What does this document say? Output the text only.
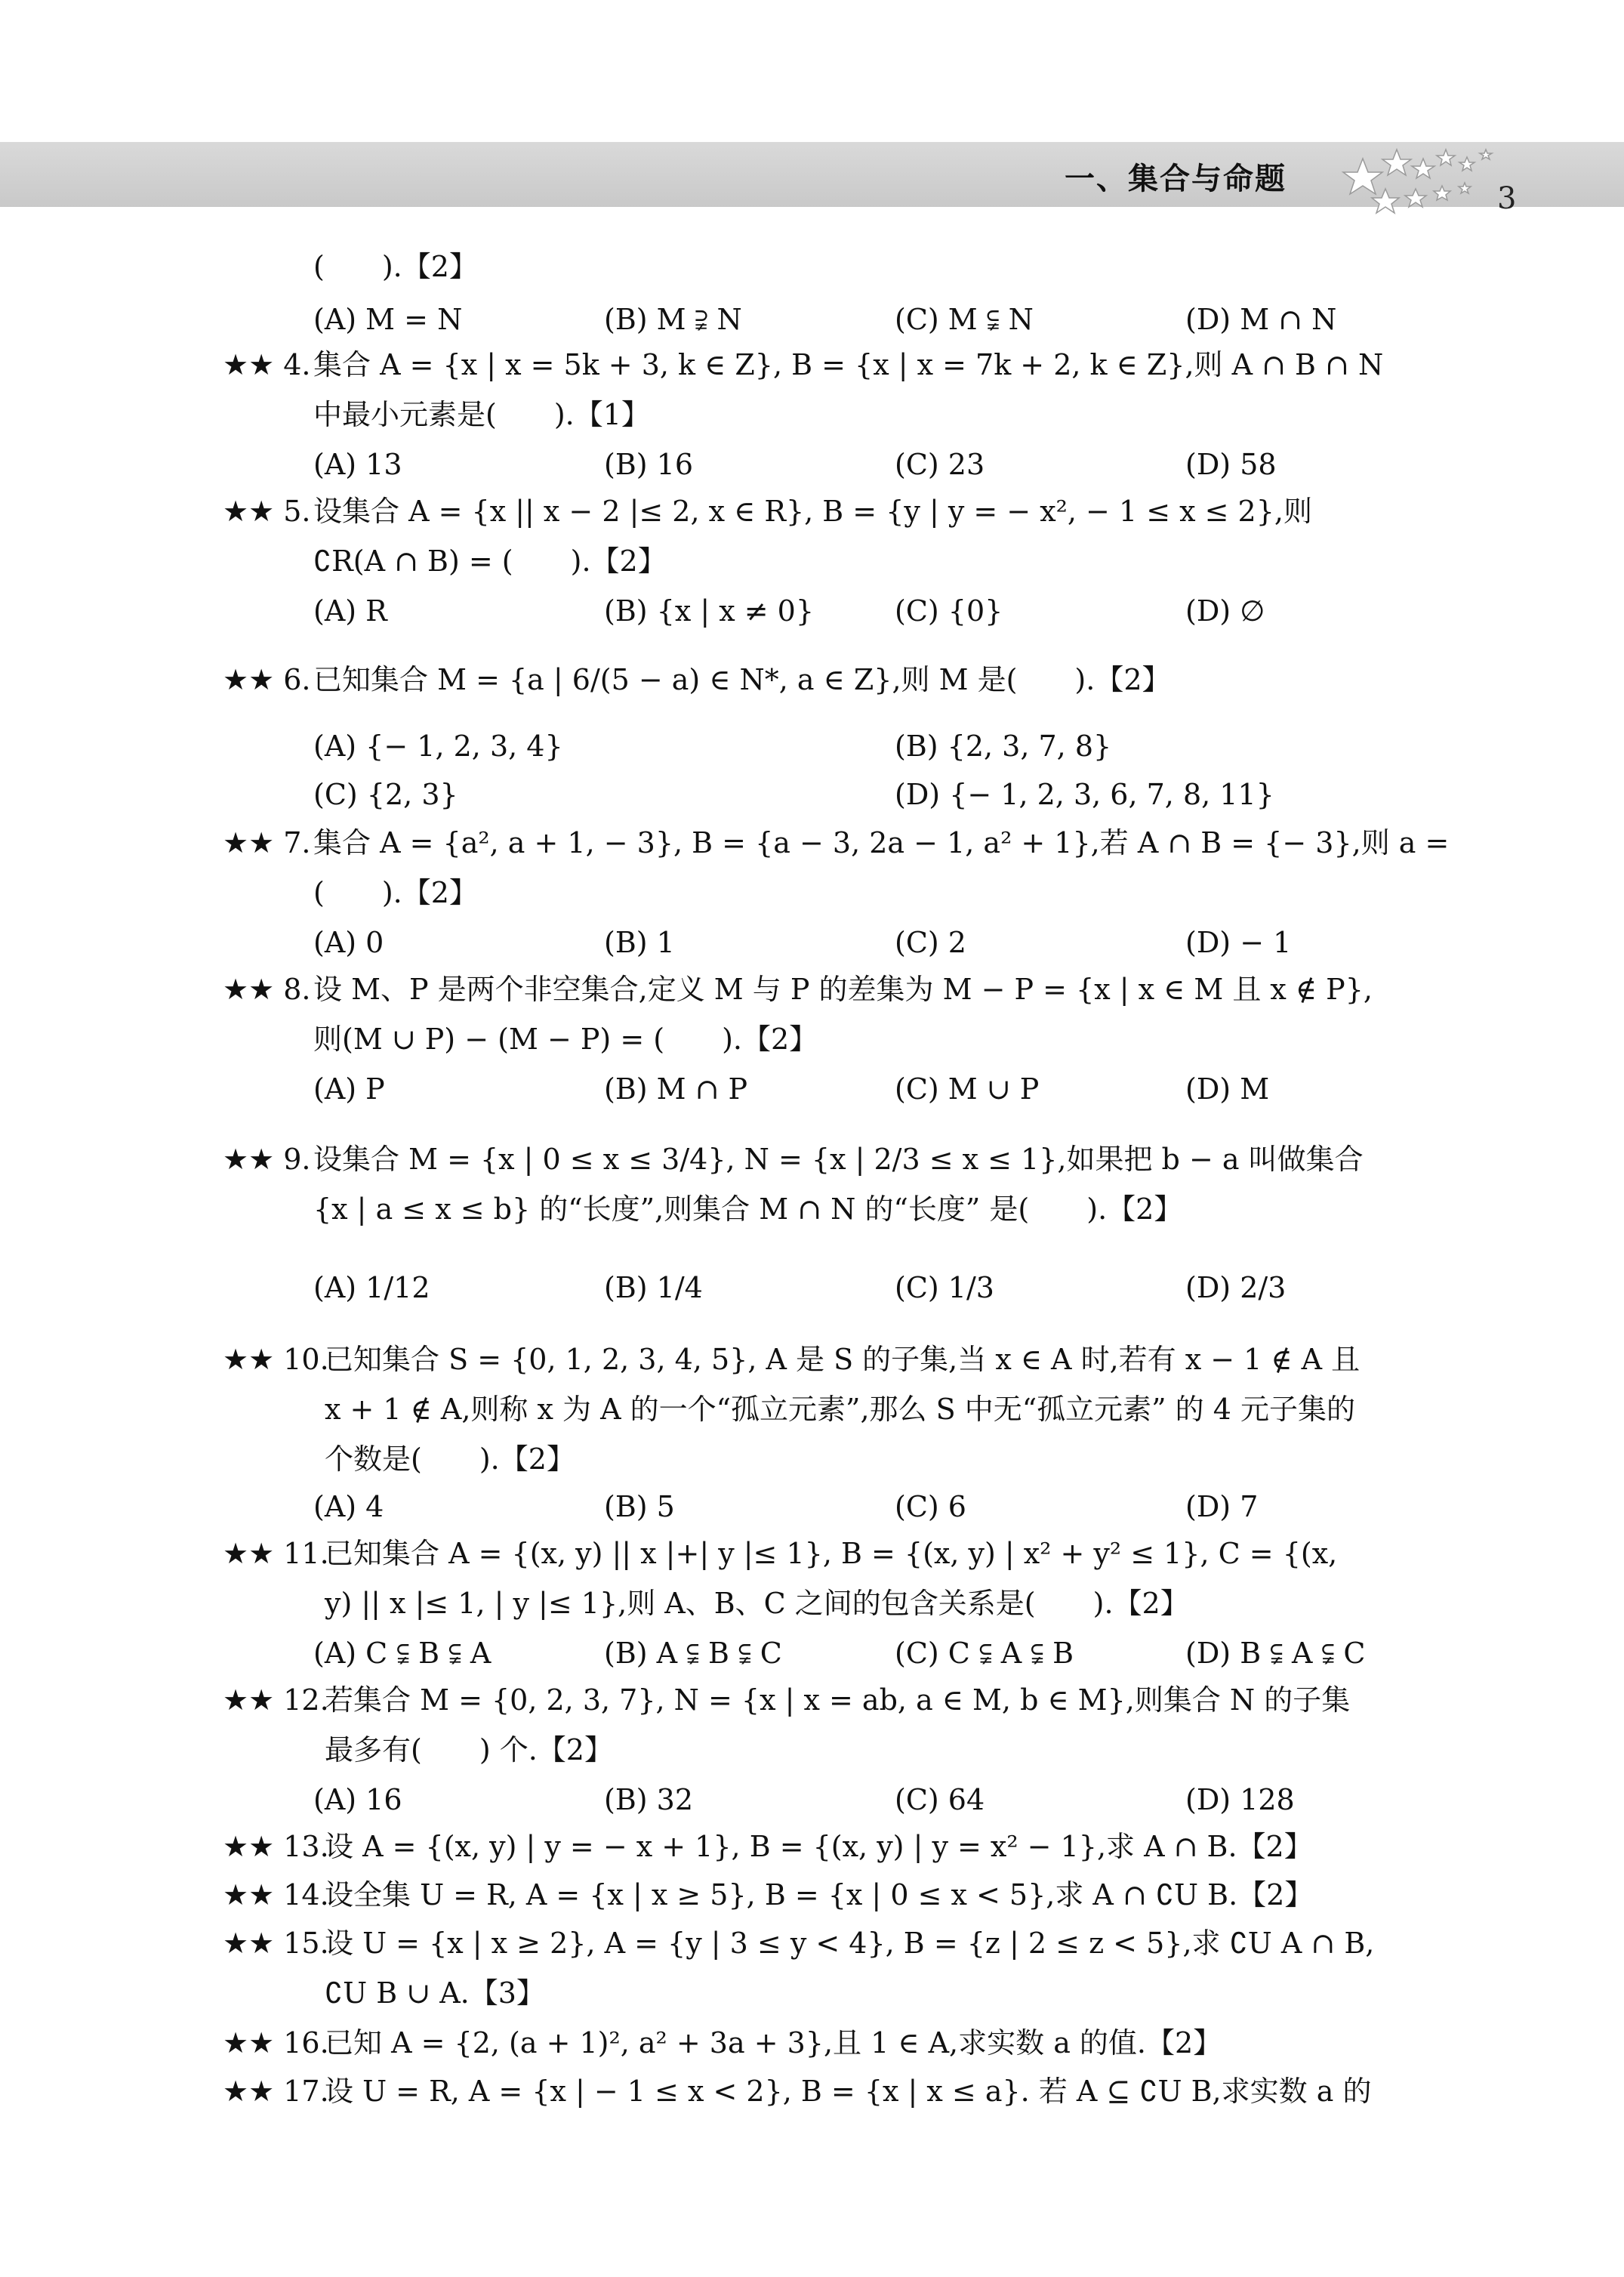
一、集合与命题
3
(　　).【2】
(A) M = N	(B) M ⫌ N	(C) M ⫋ N	(D) M ∩ N
★★ 4. 集合 A = {x | x = 5k + 3, k ∈ Z}, B = {x | x = 7k + 2, k ∈ Z},则 A ∩ B ∩ N
中最小元素是(　　).【1】
(A) 13	(B) 16	(C) 23	(D) 58
★★ 5. 设集合 A = {x || x − 2 |≤ 2, x ∈ R}, B = {y | y = − x², − 1 ≤ x ≤ 2},则
∁R(A ∩ B) = (　　).【2】
(A) R	(B) {x | x ≠ 0}	(C) {0}	(D) ∅
★★ 6. 已知集合 M = {a | 6/(5 − a) ∈ N*, a ∈ Z},则 M 是(　　).【2】
(A) {− 1, 2, 3, 4}	(B) {2, 3, 7, 8}
(C) {2, 3}	(D) {− 1, 2, 3, 6, 7, 8, 11}
★★ 7. 集合 A = {a², a + 1, − 3}, B = {a − 3, 2a − 1, a² + 1},若 A ∩ B = {− 3},则 a =
(　　).【2】
(A) 0	(B) 1	(C) 2	(D) − 1
★★ 8. 设 M、P 是两个非空集合,定义 M 与 P 的差集为 M − P = {x | x ∈ M 且 x ∉ P},
则(M ∪ P) − (M − P) = (　　).【2】
(A) P	(B) M ∩ P	(C) M ∪ P	(D) M
★★ 9. 设集合 M = {x | 0 ≤ x ≤ 3/4}, N = {x | 2/3 ≤ x ≤ 1},如果把 b − a 叫做集合
{x | a ≤ x ≤ b} 的“长度”,则集合 M ∩ N 的“长度” 是(　　).【2】
(A) 1/12	(B) 1/4	(C) 1/3	(D) 2/3
★★ 10.
已知集合 S = {0, 1, 2, 3, 4, 5}, A 是 S 的子集,当 x ∈ A 时,若有 x − 1 ∉ A 且
x + 1 ∉ A,则称 x 为 A 的一个“孤立元素”,那么 S 中无“孤立元素” 的 4 元子集的
个数是(　　).【2】
(A) 4	(B) 5	(C) 6	(D) 7
★★ 11.
已知集合 A = {(x, y) || x |+| y |≤ 1}, B = {(x, y) | x² + y² ≤ 1}, C = {(x,
y) || x |≤ 1, | y |≤ 1},则 A、B、C 之间的包含关系是(　　).【2】
(A) C ⫋ B ⫋ A	(B) A ⫋ B ⫋ C	(C) C ⫋ A ⫋ B	(D) B ⫋ A ⫋ C
★★ 12.
若集合 M = {0, 2, 3, 7}, N = {x | x = ab, a ∈ M, b ∈ M},则集合 N 的子集
最多有(　　) 个.【2】
(A) 16	(B) 32	(C) 64	(D) 128
★★ 13.
设 A = {(x, y) | y = − x + 1}, B = {(x, y) | y = x² − 1},求 A ∩ B.【2】
★★ 14.
设全集 U = R, A = {x | x ≥ 5}, B = {x | 0 ≤ x < 5},求 A ∩ ∁U B.【2】
★★ 15.
设 U = {x | x ≥ 2}, A = {y | 3 ≤ y < 4}, B = {z | 2 ≤ z < 5},求 ∁U A ∩ B,
∁U B ∪ A.【3】
★★ 16.
已知 A = {2, (a + 1)², a² + 3a + 3},且 1 ∈ A,求实数 a 的值.【2】
★★ 17.
设 U = R, A = {x | − 1 ≤ x < 2}, B = {x | x ≤ a}. 若 A ⊆ ∁U B,求实数 a 的
